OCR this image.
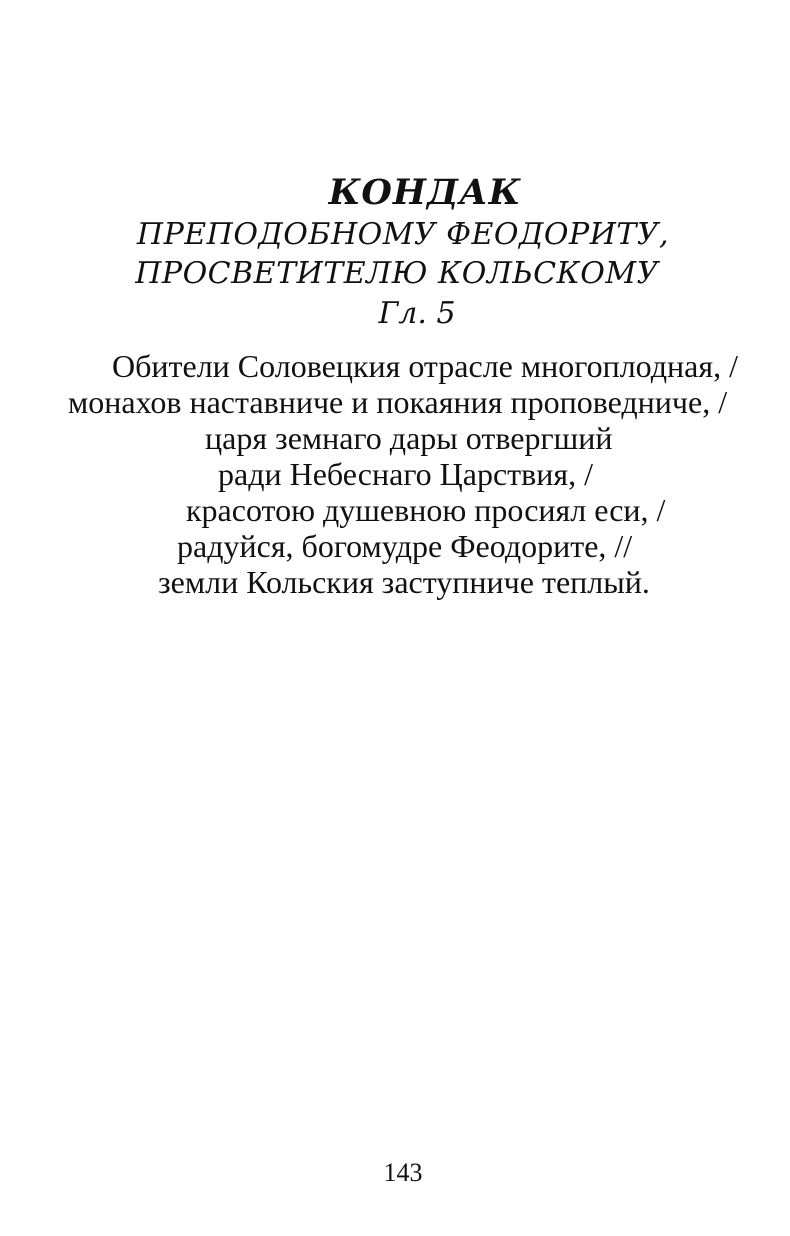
КОНДАК
ПРЕПОДОБНОМУ ФЕОДОРИТУ,
ПРОСВЕТИТЕЛЮ КОЛЬСКОМУ
Гл. 5
Обители Соловецкия отрасле многоплодная, /
монахов наставниче и покаяния проповедниче, /
царя земнаго дары отвергший
ради Небеснаго Царствия, /
красотою душевною просиял еси, /
радуйся, богомудре Феодорите, //
земли Кольския заступниче теплый.
143
